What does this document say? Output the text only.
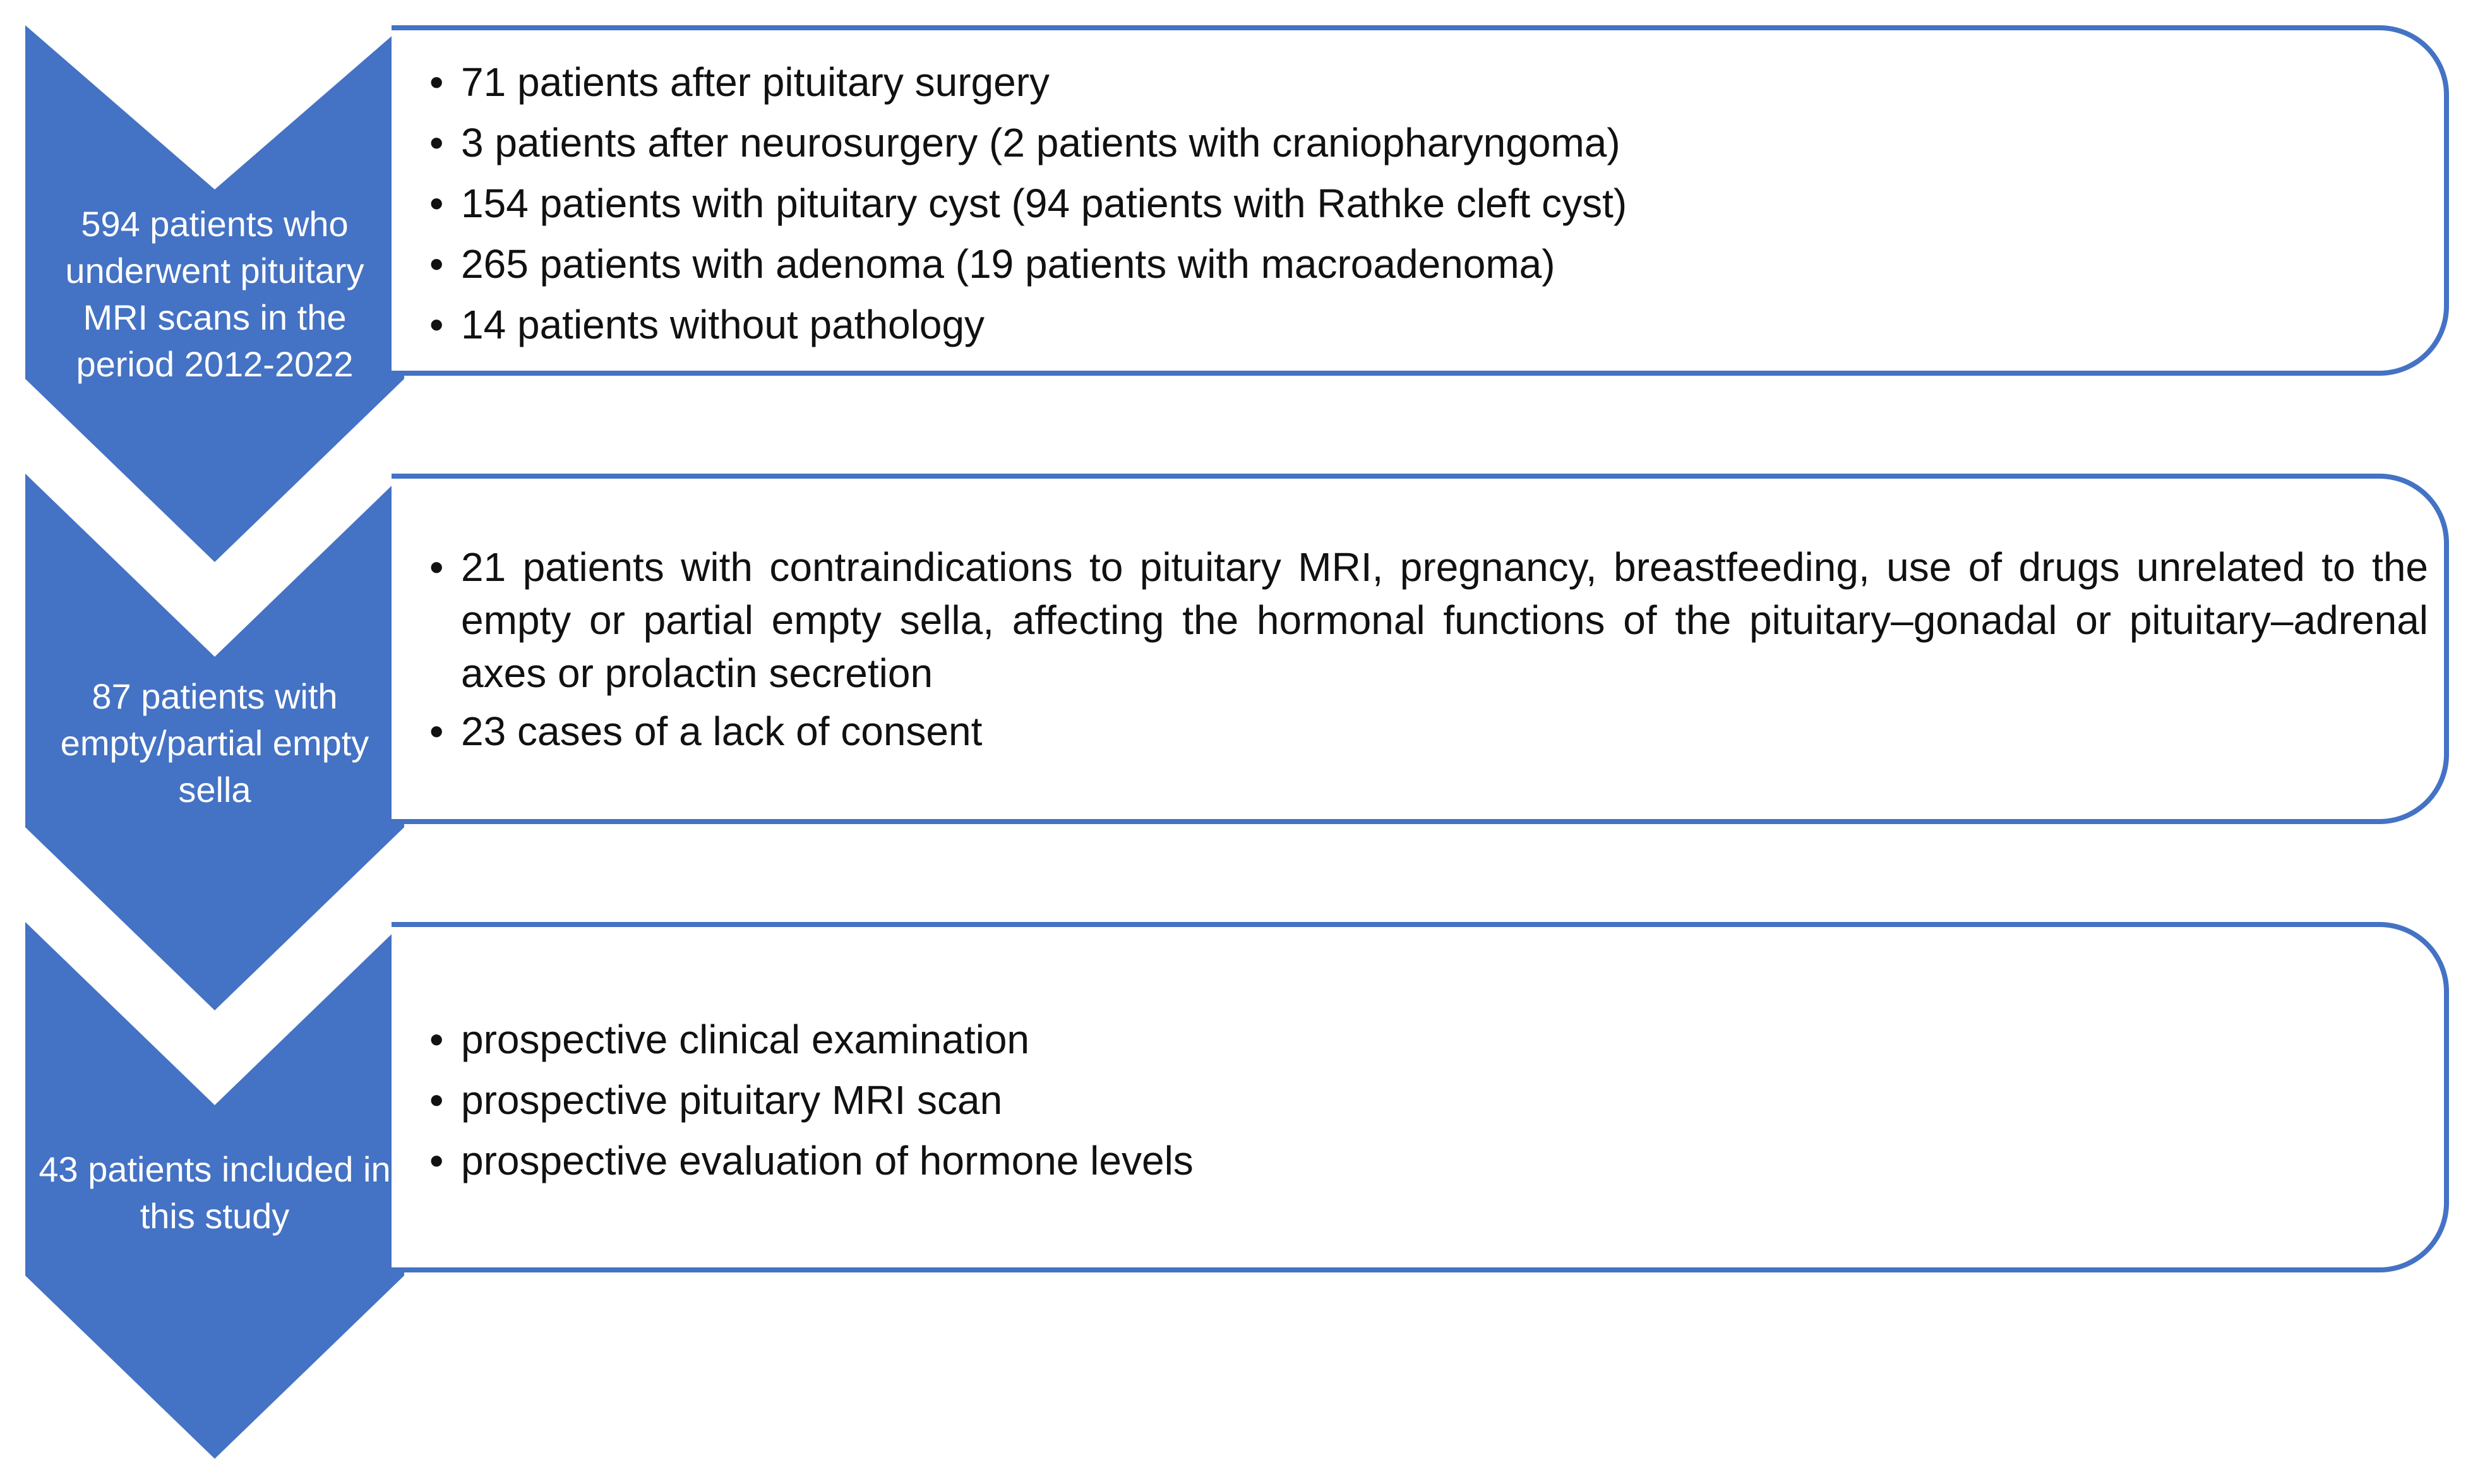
594 patients who underwent pituitary MRI scans in the period 2012-2022
87 patients with empty/partial empty sella
43 patients included in this study
• 71 patients after pituitary surgery
• 3 patients after neurosurgery (2 patients with craniopharyngoma)
• 154 patients with pituitary cyst (94 patients with Rathke cleft cyst)
• 265 patients with adenoma (19 patients with macroadenoma)
• 14 patients without pathology
• 21 patients with contraindications to pituitary MRI, pregnancy, breastfeeding, use of drugs unrelated to the empty or partial empty sella, affecting the hormonal functions of the pituitary–gonadal or pituitary–adrenal axes or prolactin secretion
• 23 cases of a lack of consent
• prospective clinical examination
• prospective pituitary MRI scan
• prospective evaluation of hormone levels
